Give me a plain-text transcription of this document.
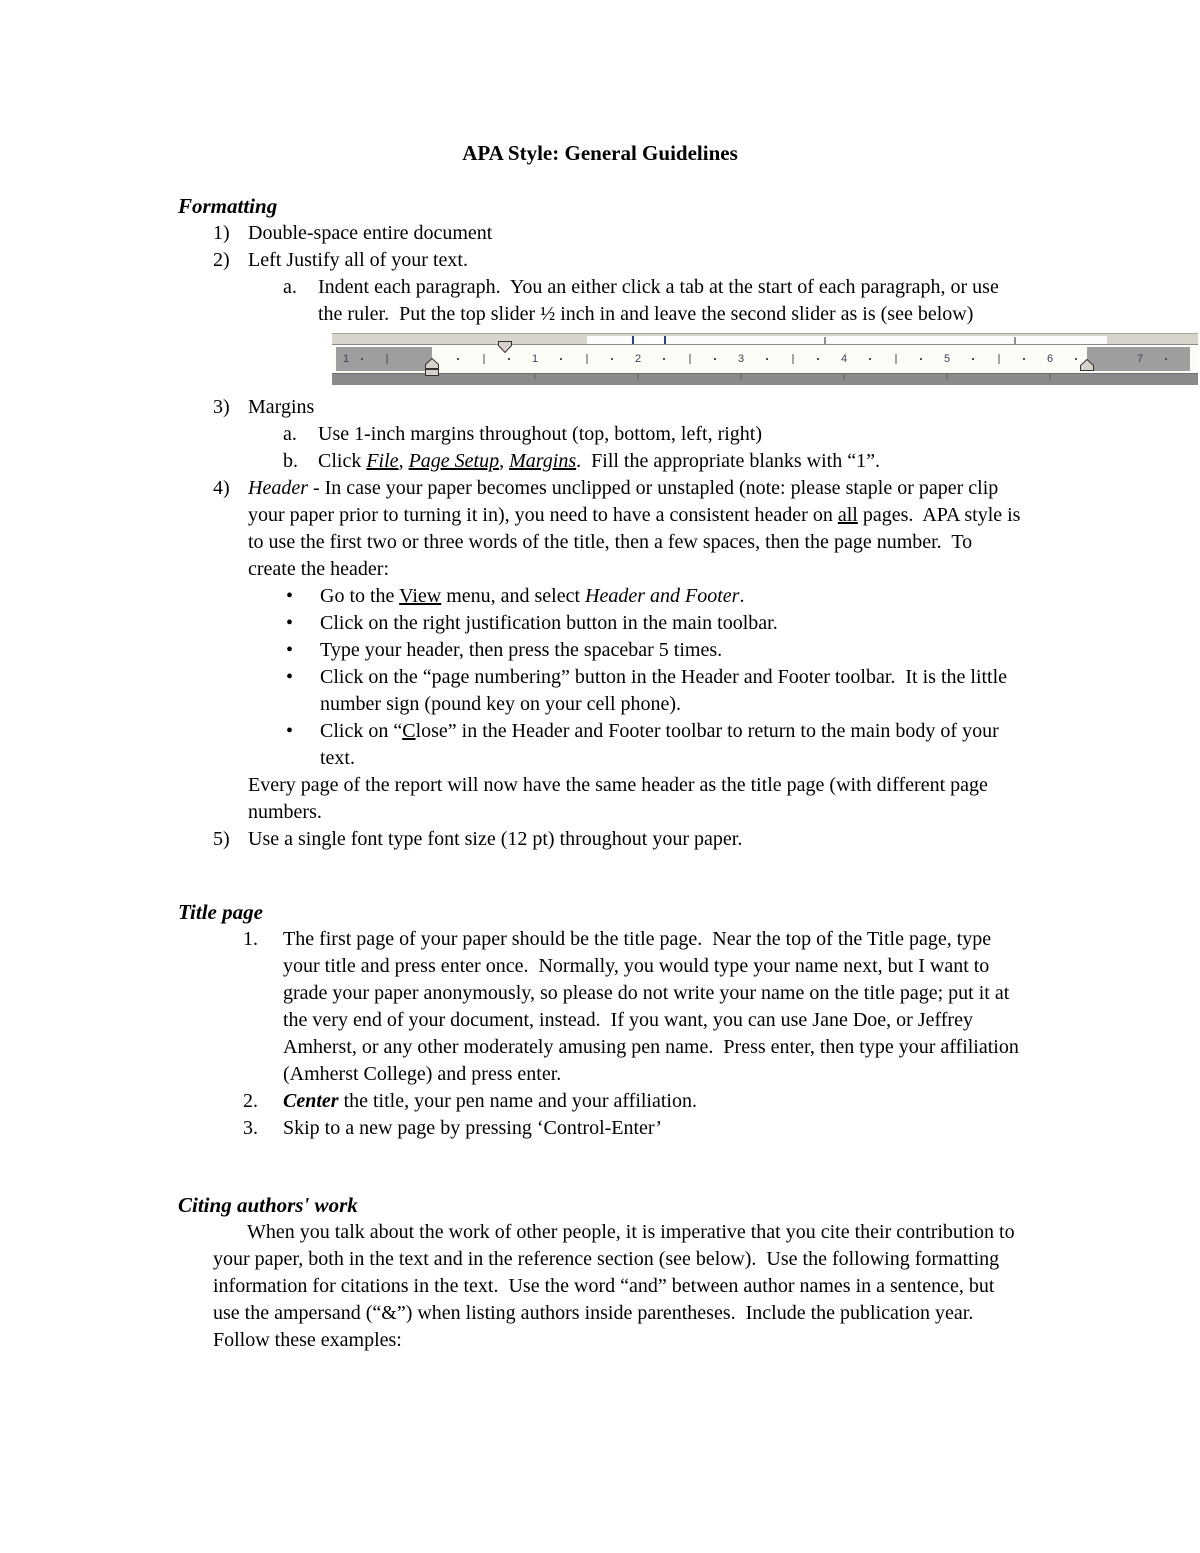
APA Style: General Guidelines
Formatting
1) Double-space entire document
2) Left Justify all of your text.
a.	Indent each paragraph.  You an either click a tab at the start of each paragraph, or use the ruler.  Put the top slider ½ inch in and leave the second slider as is (see below)
1	2	3	4	5	6
1	7
3) Margins
a.	Use 1-inch margins throughout (top, bottom, left, right)
b.	Click File, Page Setup, Margins.  Fill the appropriate blanks with “1”.
4) Header - In case your paper becomes unclipped or unstapled (note: please staple or paper clip your paper prior to turning it in), you need to have a consistent header on all pages.  APA style is to use the first two or three words of the title, then a few spaces, then the page number.  To create the header:
•	Go to the View menu, and select Header and Footer.
•	Click on the right justification button in the main toolbar.
•	Type your header, then press the spacebar 5 times.
•	Click on the “page numbering” button in the Header and Footer toolbar.  It is the little number sign (pound key on your cell phone).
•	Click on “Close” in the Header and Footer toolbar to return to the main body of your text.
Every page of the report will now have the same header as the title page (with different page numbers.
5) Use a single font type font size (12 pt) throughout your paper.
Title page
1.	The first page of your paper should be the title page.  Near the top of the Title page, type your title and press enter once.  Normally, you would type your name next, but I want to grade your paper anonymously, so please do not write your name on the title page; put it at the very end of your document, instead.  If you want, you can use Jane Doe, or Jeffrey Amherst, or any other moderately amusing pen name.  Press enter, then type your affiliation (Amherst College) and press enter.
2.	Center the title, your pen name and your affiliation.
3.	Skip to a new page by pressing ‘Control-Enter’
Citing authors' work
When you talk about the work of other people, it is imperative that you cite their contribution to your paper, both in the text and in the reference section (see below).  Use the following formatting information for citations in the text.  Use the word “and” between author names in a sentence, but use the ampersand (“&”) when listing authors inside parentheses.  Include the publication year.  Follow these examples:
